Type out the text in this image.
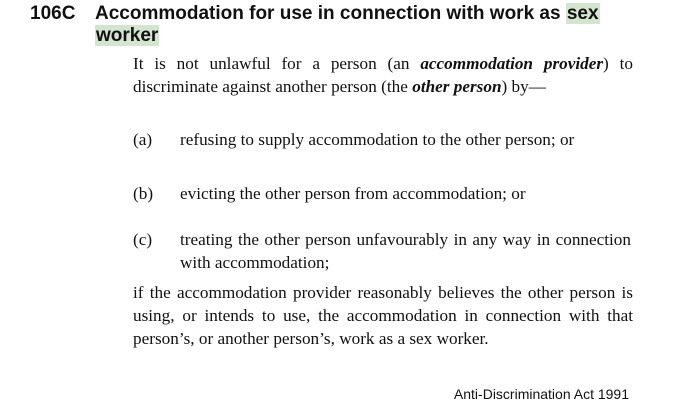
106C Accommodation for use in connection with work as sex
worker
It is not unlawful for a person (an accommodation provider) to discriminate against another person (the other person) by—
(a) refusing to supply accommodation to the other person; or
(b) evicting the other person from accommodation; or
(c) treating the other person unfavourably in any way in connection with accommodation;
if the accommodation provider reasonably believes the other person is using, or intends to use, the accommodation in connection with that person’s, or another person’s, work as a sex worker.
Anti-Discrimination Act 1991
